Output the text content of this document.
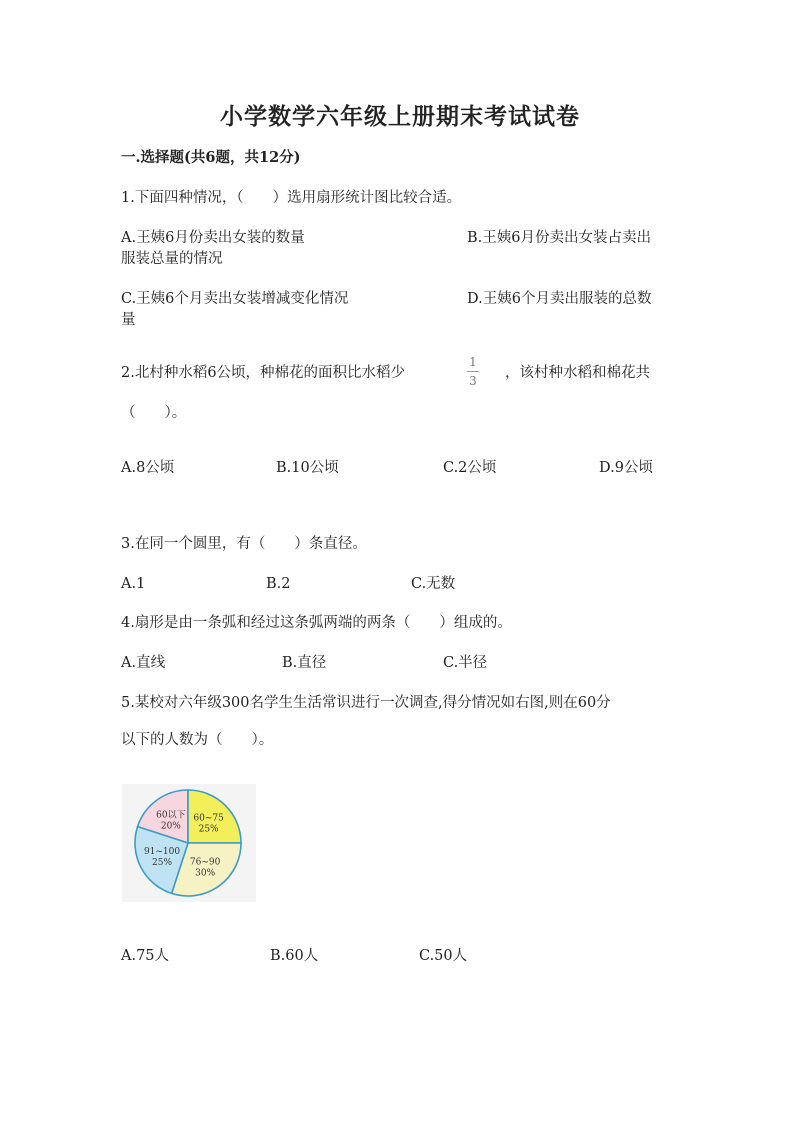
小学数学六年级上册期末考试试卷
一.选择题(共6题，共12分)
1.下面四种情况，（　　）选用扇形统计图比较合适。
A.王姨6月份卖出女装的数量
服装总量的情况
B.王姨6月份卖出女装占卖出
C.王姨6个月卖出女装增减变化情况
量
D.王姨6个月卖出服装的总数
2.北村种水稻6公顷，种棉花的面积比水稻少
1
3 ，该村种水稻和棉花共
（　　）。
A.8公顷	B.10公顷	C.2公顷	D.9公顷
3.在同一个圆里，有（　　）条直径。
A.1	B.2	C.无数
4.扇形是由一条弧和经过这条弧两端的两条（　　）组成的。
A.直线	B.直径	C.半径
5.某校对六年级300名学生生活常识进行一次调查,得分情况如右图,则在60分
以下的人数为（　　）。
60以下
20%
60~75
25%
76~90
30%
91~100
25%
A.75人	B.60人	C.50人
